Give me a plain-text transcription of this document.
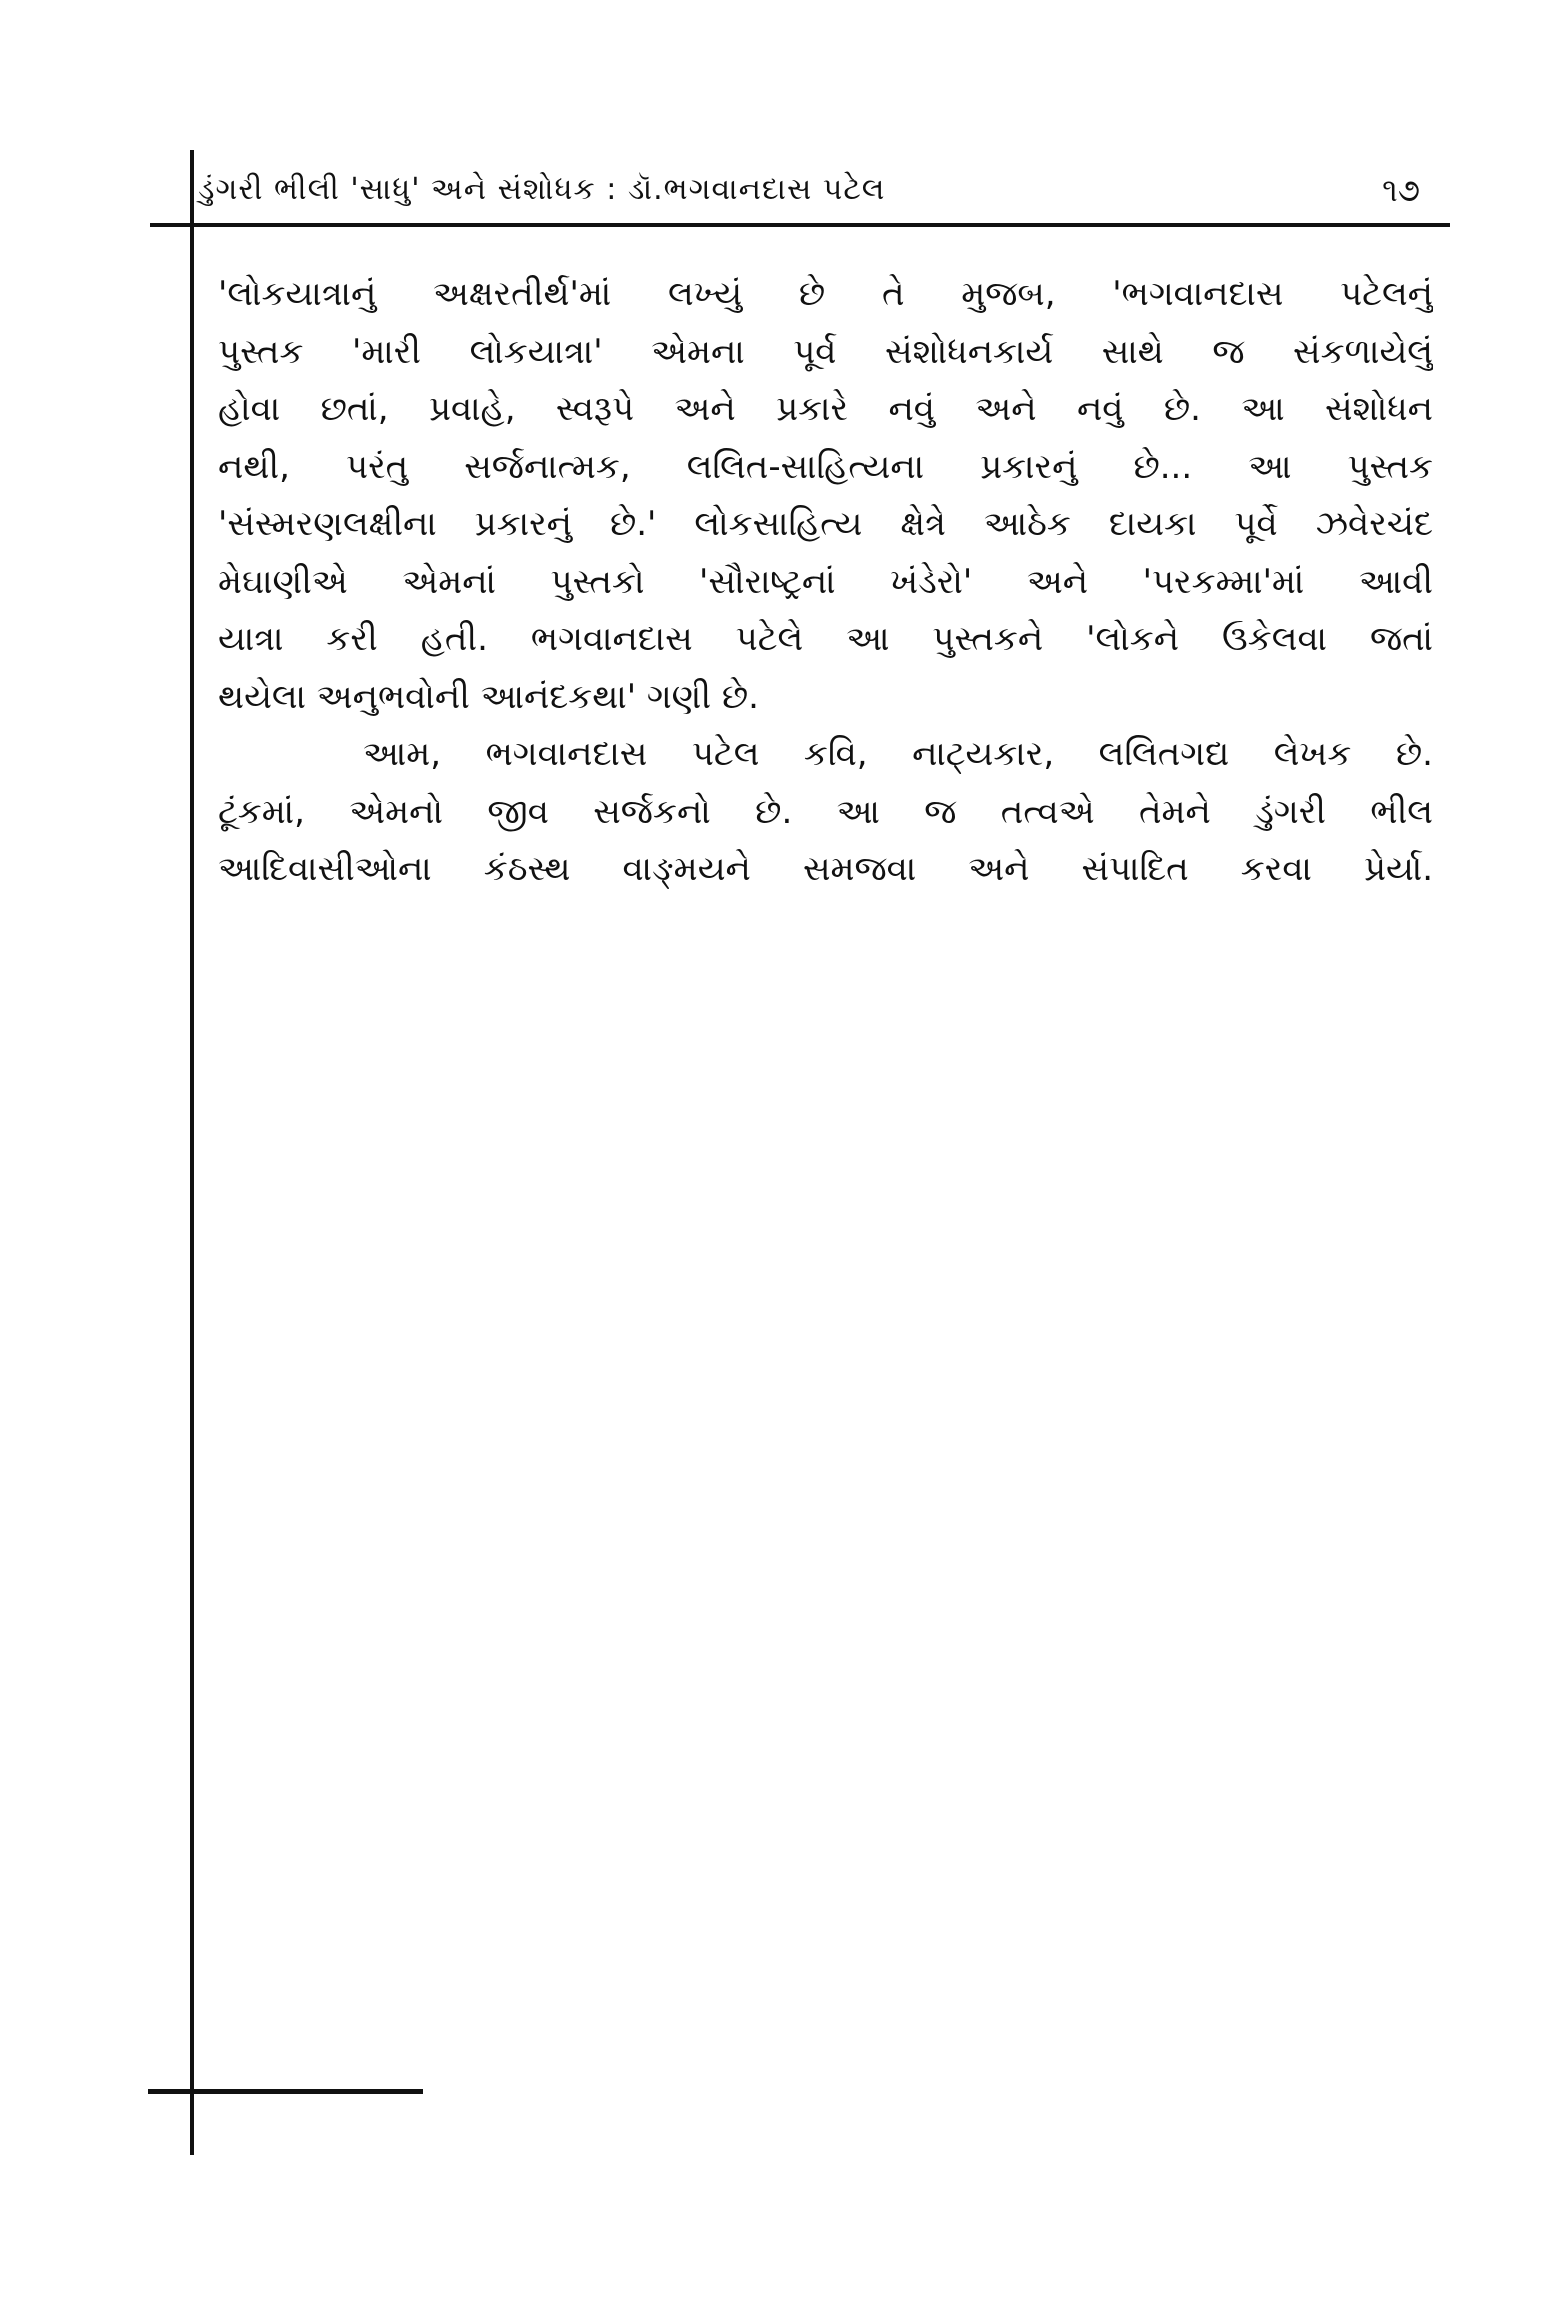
ડુંગરી ભીલી 'સાધુ' અને સંશોધક : ડૉ.ભગવાનદાસ પટેલ	૧૭

'લોકયાત્રાનું અક્ષરતીર્થ'માં લખ્યું છે તે મુજબ, 'ભગવાનદાસ પટેલનું
પુસ્તક 'મારી લોકયાત્રા' એમના પૂર્વ સંશોધનકાર્ય સાથે જ સંકળાયેલું
હોવા છતાં, પ્રવાહે, સ્વરૂપે અને પ્રકારે નવું અને નવું છે. આ સંશોધન
નથી, પરંતુ સર્જનાત્મક, લલિત-સાહિત્યના પ્રકારનું છે... આ પુસ્તક
'સંસ્મરણલક્ષીના પ્રકારનું છે.' લોકસાહિત્ય ક્ષેત્રે આઠેક દાયકા પૂર્વે ઝવેરચંદ
મેઘાણીએ એમનાં પુસ્તકો 'સૌરાષ્ટ્રનાં ખંડેરો' અને 'પરકમ્મા'માં આવી
યાત્રા કરી હતી. ભગવાનદાસ પટેલે આ પુસ્તકને 'લોકને ઉકેલવા જતાં
થયેલા અનુભવોની આનંદકથા' ગણી છે.

આમ, ભગવાનદાસ પટેલ કવિ, નાટ્યકાર, લલિતગદ્ય લેખક છે.
ટૂંકમાં, એમનો જીવ સર્જકનો છે. આ જ તત્વએ તેમને ડુંગરી ભીલ
આદિવાસીઓના કંઠસ્થ વાઙ્મયને સમજવા અને સંપાદિત કરવા પ્રેર્યા.
